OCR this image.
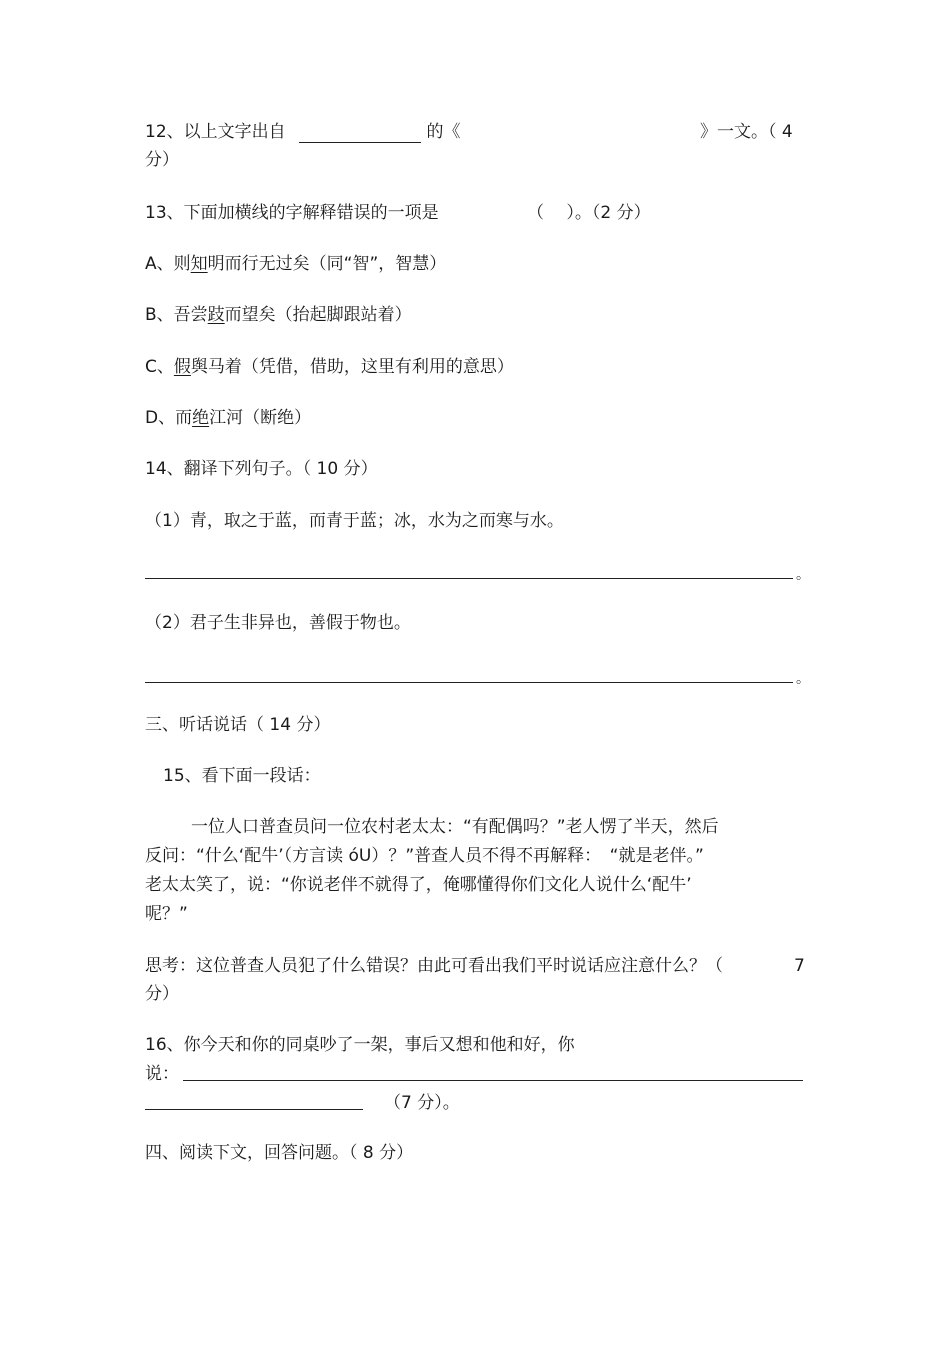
12、以上文字出自	的《	》一文。（ 4
分）
13、下面加横线的字解释错误的一项是	（　 ）。（2 分）
A、则知明而行无过矣（同“智”，智慧）
B、吾尝跂而望矣（抬起脚跟站着）
C、假舆马着（凭借，借助，这里有利用的意思）
D、而绝江河（断绝）
14、翻译下列句子。（ 10 分）
（1）青，取之于蓝，而青于蓝；冰，水为之而寒与水。
。
（2）君子生非异也，善假于物也。
。
三、听话说话（ 14 分）
15、看下面一段话：
一位人口普查员问一位农村老太太：“有配偶吗？”老人愣了半天，然后
反问：“什么‘配牛’（方言读 óU）？”普查人员不得不再解释：　“就是老伴。”
老太太笑了，说：“你说老伴不就得了，俺哪懂得你们文化人说什么‘配牛’
呢？”
思考：这位普查人员犯了什么错误？由此可看出我们平时说话应注意什么？（	7
分）
16、你今天和你的同桌吵了一架，事后又想和他和好，你
说：
（7 分）。
四、阅读下文，回答问题。（ 8 分）
